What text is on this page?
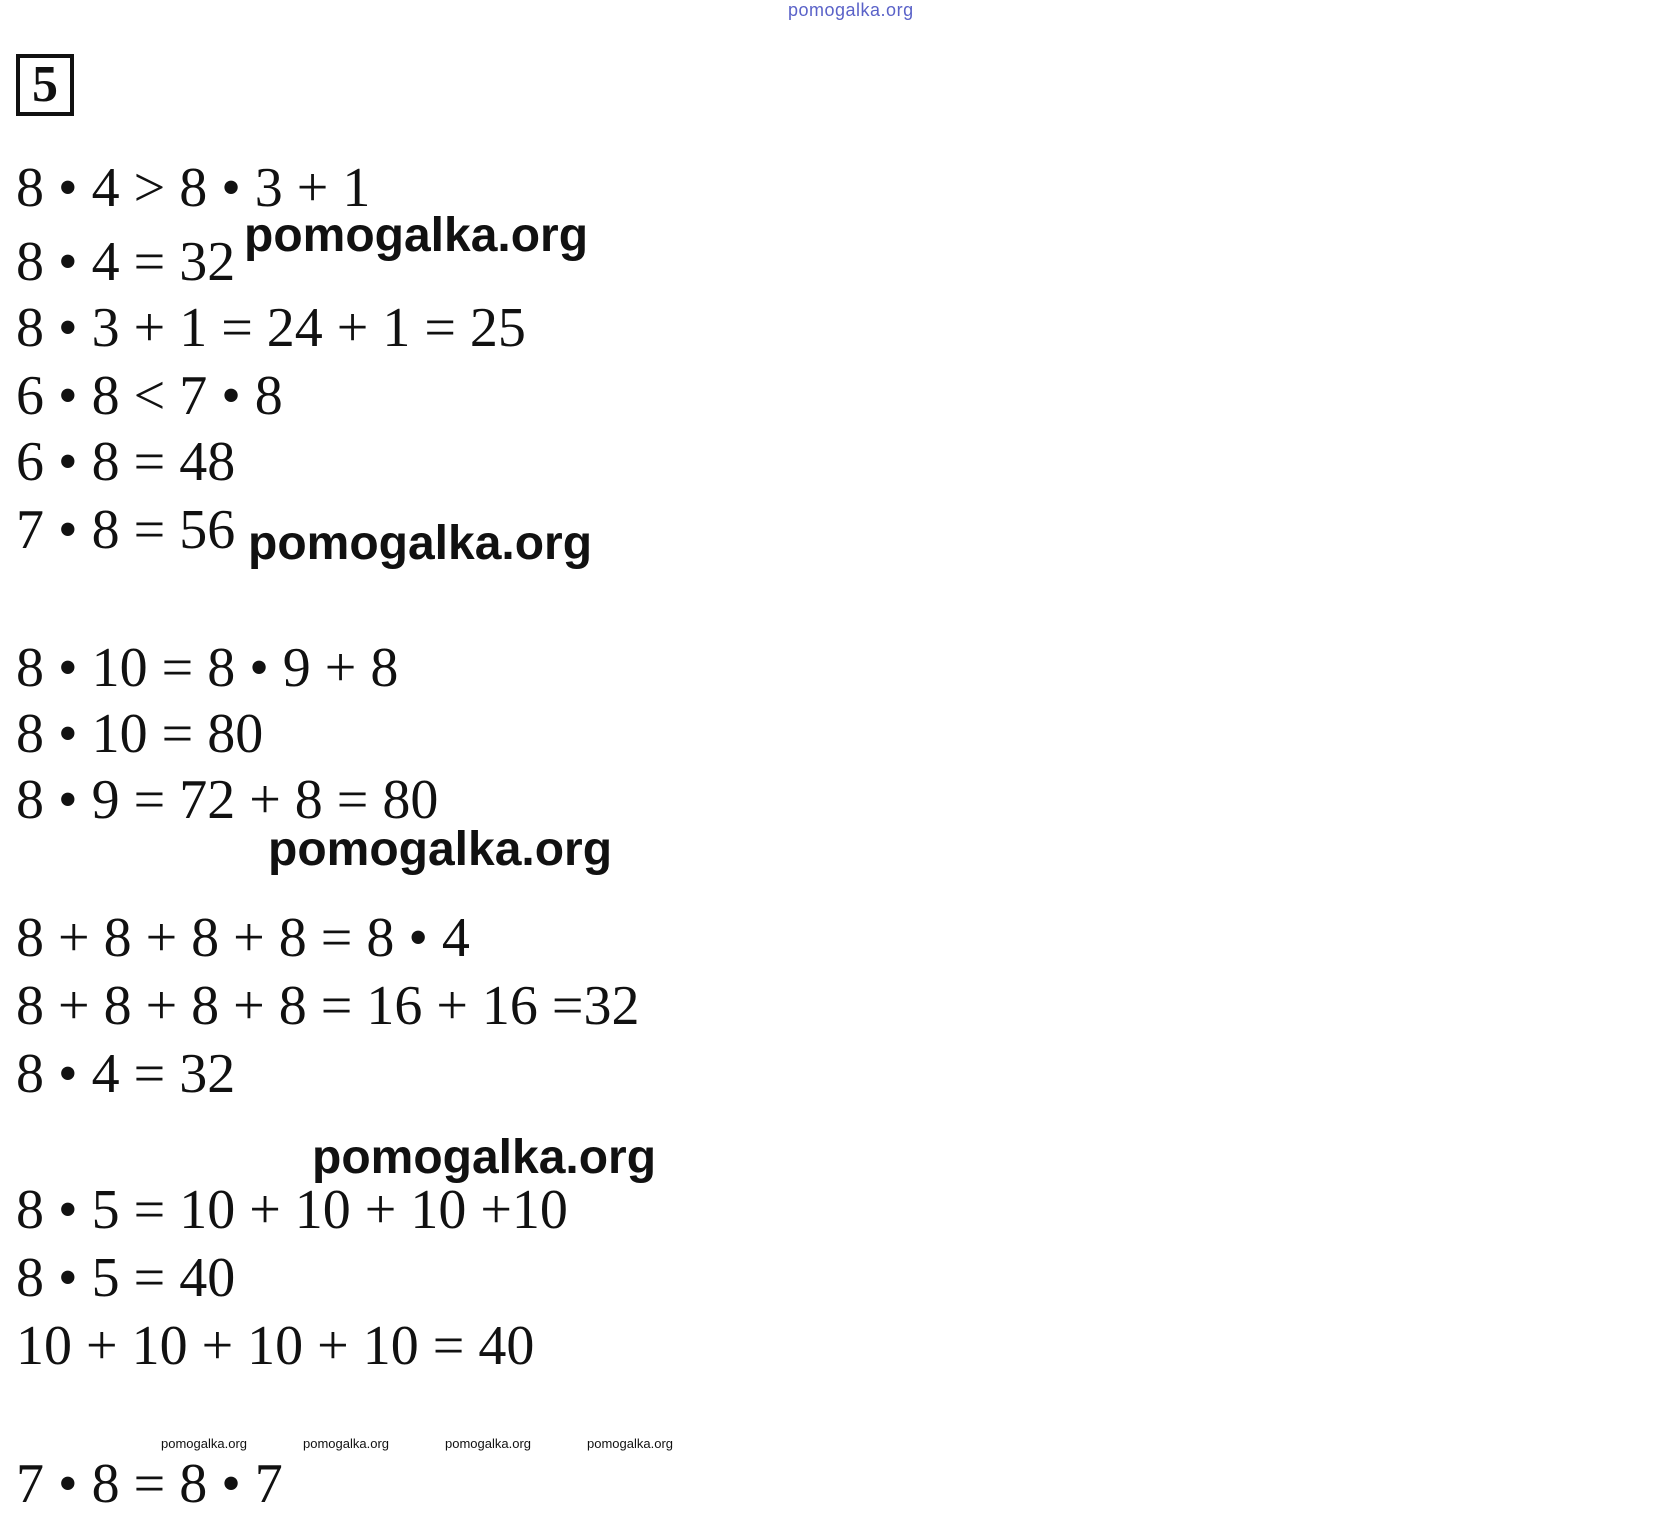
pomogalka.org
5
8 • 4 > 8 • 3 + 1
8 • 4 = 32
8 • 3 + 1 = 24 + 1 = 25
6 • 8 < 7 • 8
6 • 8 = 48
7 • 8 = 56
8 • 10 = 8 • 9 + 8
8 • 10 = 80
8 • 9 = 72 + 8 = 80
8 + 8 + 8 + 8 = 8 • 4
8 + 8 + 8 + 8 = 16 + 16 =32
8 • 4 = 32
8 • 5 = 10 + 10 + 10 +10
8 • 5 = 40
10 + 10 + 10 + 10 = 40
7 • 8 = 8 • 7
pomogalka.org
pomogalka.org
pomogalka.org
pomogalka.org
pomogalka.org	pomogalka.org	pomogalka.org	pomogalka.org
